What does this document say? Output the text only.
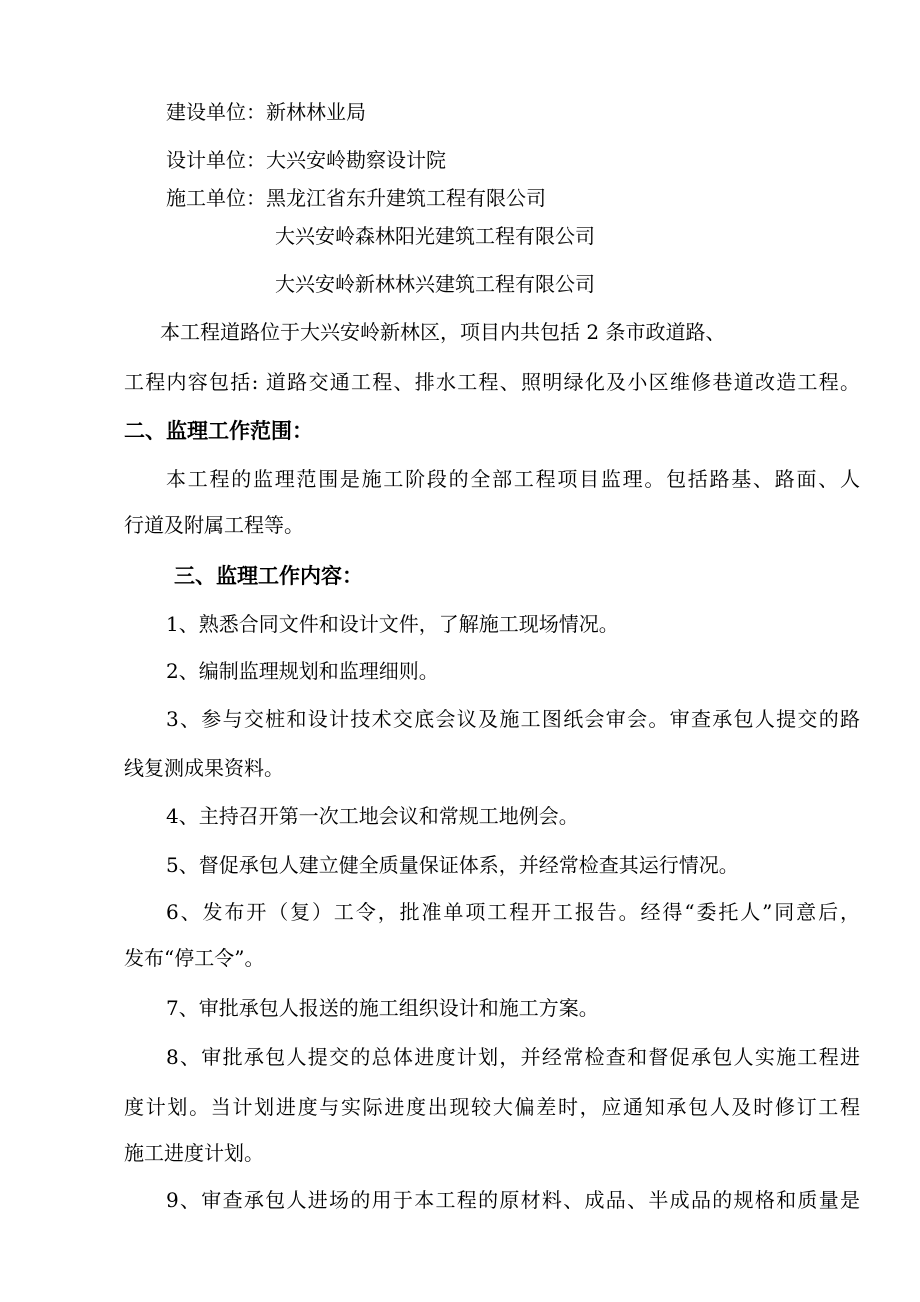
建设单位：新林林业局
设计单位：大兴安岭勘察设计院
施工单位：黑龙江省东升建筑工程有限公司
大兴安岭森林阳光建筑工程有限公司
大兴安岭新林林兴建筑工程有限公司
本工程道路位于大兴安岭新林区，项目内共包括 2 条市政道路、
工程内容包括: 道路交通工程、排水工程、照明绿化及小区维修巷道改造工程。
二、监理工作范围：
本工程的监理范围是施工阶段的全部工程项目监理。包括路基、路面、人
行道及附属工程等。
三、监理工作内容：
1、熟悉合同文件和设计文件，了解施工现场情况。
2、编制监理规划和监理细则。
3、参与交桩和设计技术交底会议及施工图纸会审会。审查承包人提交的路
线复测成果资料。
4、主持召开第一次工地会议和常规工地例会。
5、督促承包人建立健全质量保证体系，并经常检查其运行情况。
6、发布开（复）工令，批准单项工程开工报告。经得“委托人”同意后，
发布“停工令”。
7、审批承包人报送的施工组织设计和施工方案。
8、审批承包人提交的总体进度计划，并经常检查和督促承包人实施工程进
度计划。当计划进度与实际进度出现较大偏差时，应通知承包人及时修订工程
施工进度计划。
9、审查承包人进场的用于本工程的原材料、成品、半成品的规格和质量是
